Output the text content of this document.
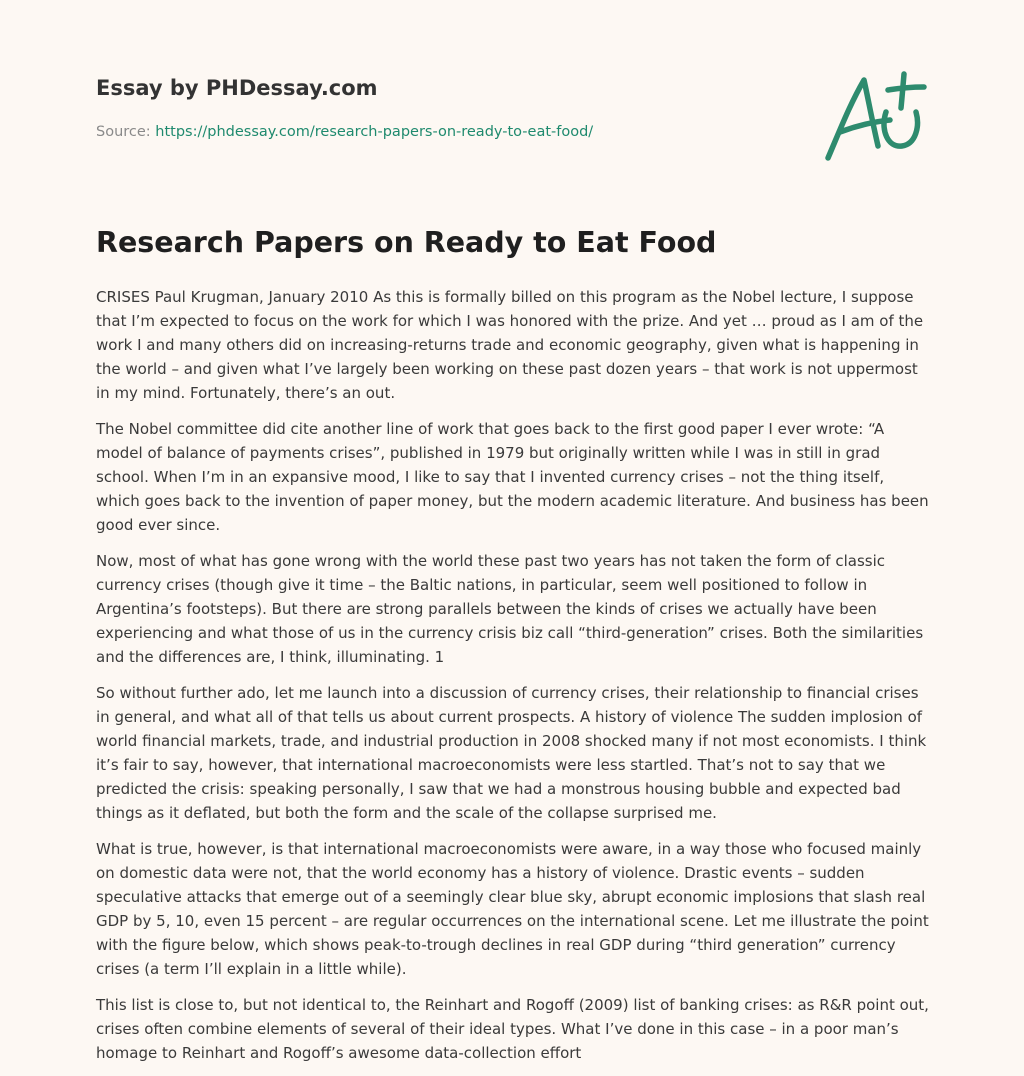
Essay by PHDessay.com
Source: https://phdessay.com/research-papers-on-ready-to-eat-food/
Research Papers on Ready to Eat Food

CRISES Paul Krugman, January 2010 As this is formally billed on this program as the Nobel lecture, I suppose that I’m expected to focus on the work for which I was honored with the prize. And yet … proud as I am of the work I and many others did on increasing-returns trade and economic geography, given what is happening in the world – and given what I’ve largely been working on these past dozen years – that work is not uppermost in my mind. Fortunately, there’s an out.

The Nobel committee did cite another line of work that goes back to the first good paper I ever wrote: “A model of balance of payments crises”, published in 1979 but originally written while I was in still in grad school. When I’m in an expansive mood, I like to say that I invented currency crises – not the thing itself, which goes back to the invention of paper money, but the modern academic literature. And business has been good ever since.

Now, most of what has gone wrong with the world these past two years has not taken the form of classic currency crises (though give it time – the Baltic nations, in particular, seem well positioned to follow in Argentina’s footsteps). But there are strong parallels between the kinds of crises we actually have been experiencing and what those of us in the currency crisis biz call “third-generation” crises. Both the similarities and the differences are, I think, illuminating. 1

So without further ado, let me launch into a discussion of currency crises, their relationship to financial crises in general, and what all of that tells us about current prospects. A history of violence The sudden implosion of world financial markets, trade, and industrial production in 2008 shocked many if not most economists. I think it’s fair to say, however, that international macroeconomists were less startled. That’s not to say that we predicted the crisis: speaking personally, I saw that we had a monstrous housing bubble and expected bad things as it deflated, but both the form and the scale of the collapse surprised me.

What is true, however, is that international macroeconomists were aware, in a way those who focused mainly on domestic data were not, that the world economy has a history of violence. Drastic events – sudden speculative attacks that emerge out of a seemingly clear blue sky, abrupt economic implosions that slash real GDP by 5, 10, even 15 percent – are regular occurrences on the international scene. Let me illustrate the point with the figure below, which shows peak-to-trough declines in real GDP during “third generation” currency crises (a term I’ll explain in a little while).

This list is close to, but not identical to, the Reinhart and Rogoff (2009) list of banking crises: as R&R point out, crises often combine elements of several of their ideal types. What I’ve done in this case – in a poor man’s homage to Reinhart and Rogoff’s awesome data-collection effort
